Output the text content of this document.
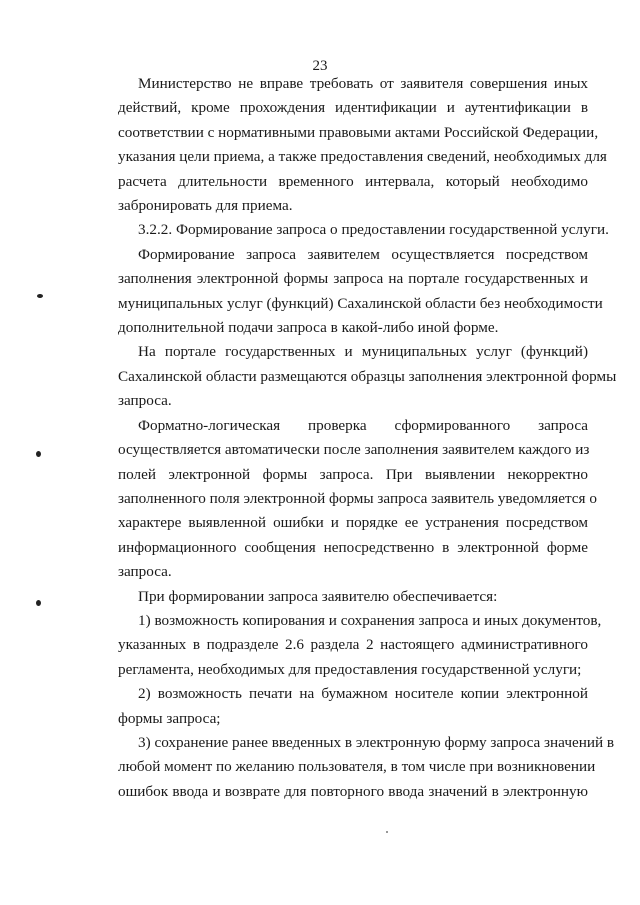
23
Министерство не вправе требовать от заявителя совершения иных
действий, кроме прохождения идентификации и аутентификации в
соответствии с нормативными правовыми актами Российской Федерации,
указания цели приема, а также предоставления сведений, необходимых для
расчета длительности временного интервала, который необходимо
забронировать для приема.
3.2.2. Формирование запроса о предоставлении государственной услуги.
Формирование запроса заявителем осуществляется посредством
заполнения электронной формы запроса на портале государственных и
муниципальных услуг (функций) Сахалинской области без необходимости
дополнительной подачи запроса в какой-либо иной форме.
На портале государственных и муниципальных услуг (функций)
Сахалинской области размещаются образцы заполнения электронной формы
запроса.
Форматно-логическая проверка сформированного запроса
осуществляется автоматически после заполнения заявителем каждого из
полей электронной формы запроса. При выявлении некорректно
заполненного поля электронной формы запроса заявитель уведомляется о
характере выявленной ошибки и порядке ее устранения посредством
информационного сообщения непосредственно в электронной форме
запроса.
При формировании запроса заявителю обеспечивается:
1) возможность копирования и сохранения запроса и иных документов,
указанных в подразделе 2.6 раздела 2 настоящего административного
регламента, необходимых для предоставления государственной услуги;
2) возможность печати на бумажном носителе копии электронной
формы запроса;
3) сохранение ранее введенных в электронную форму запроса значений в
любой момент по желанию пользователя, в том числе при возникновении
ошибок ввода и возврате для повторного ввода значений в электронную
